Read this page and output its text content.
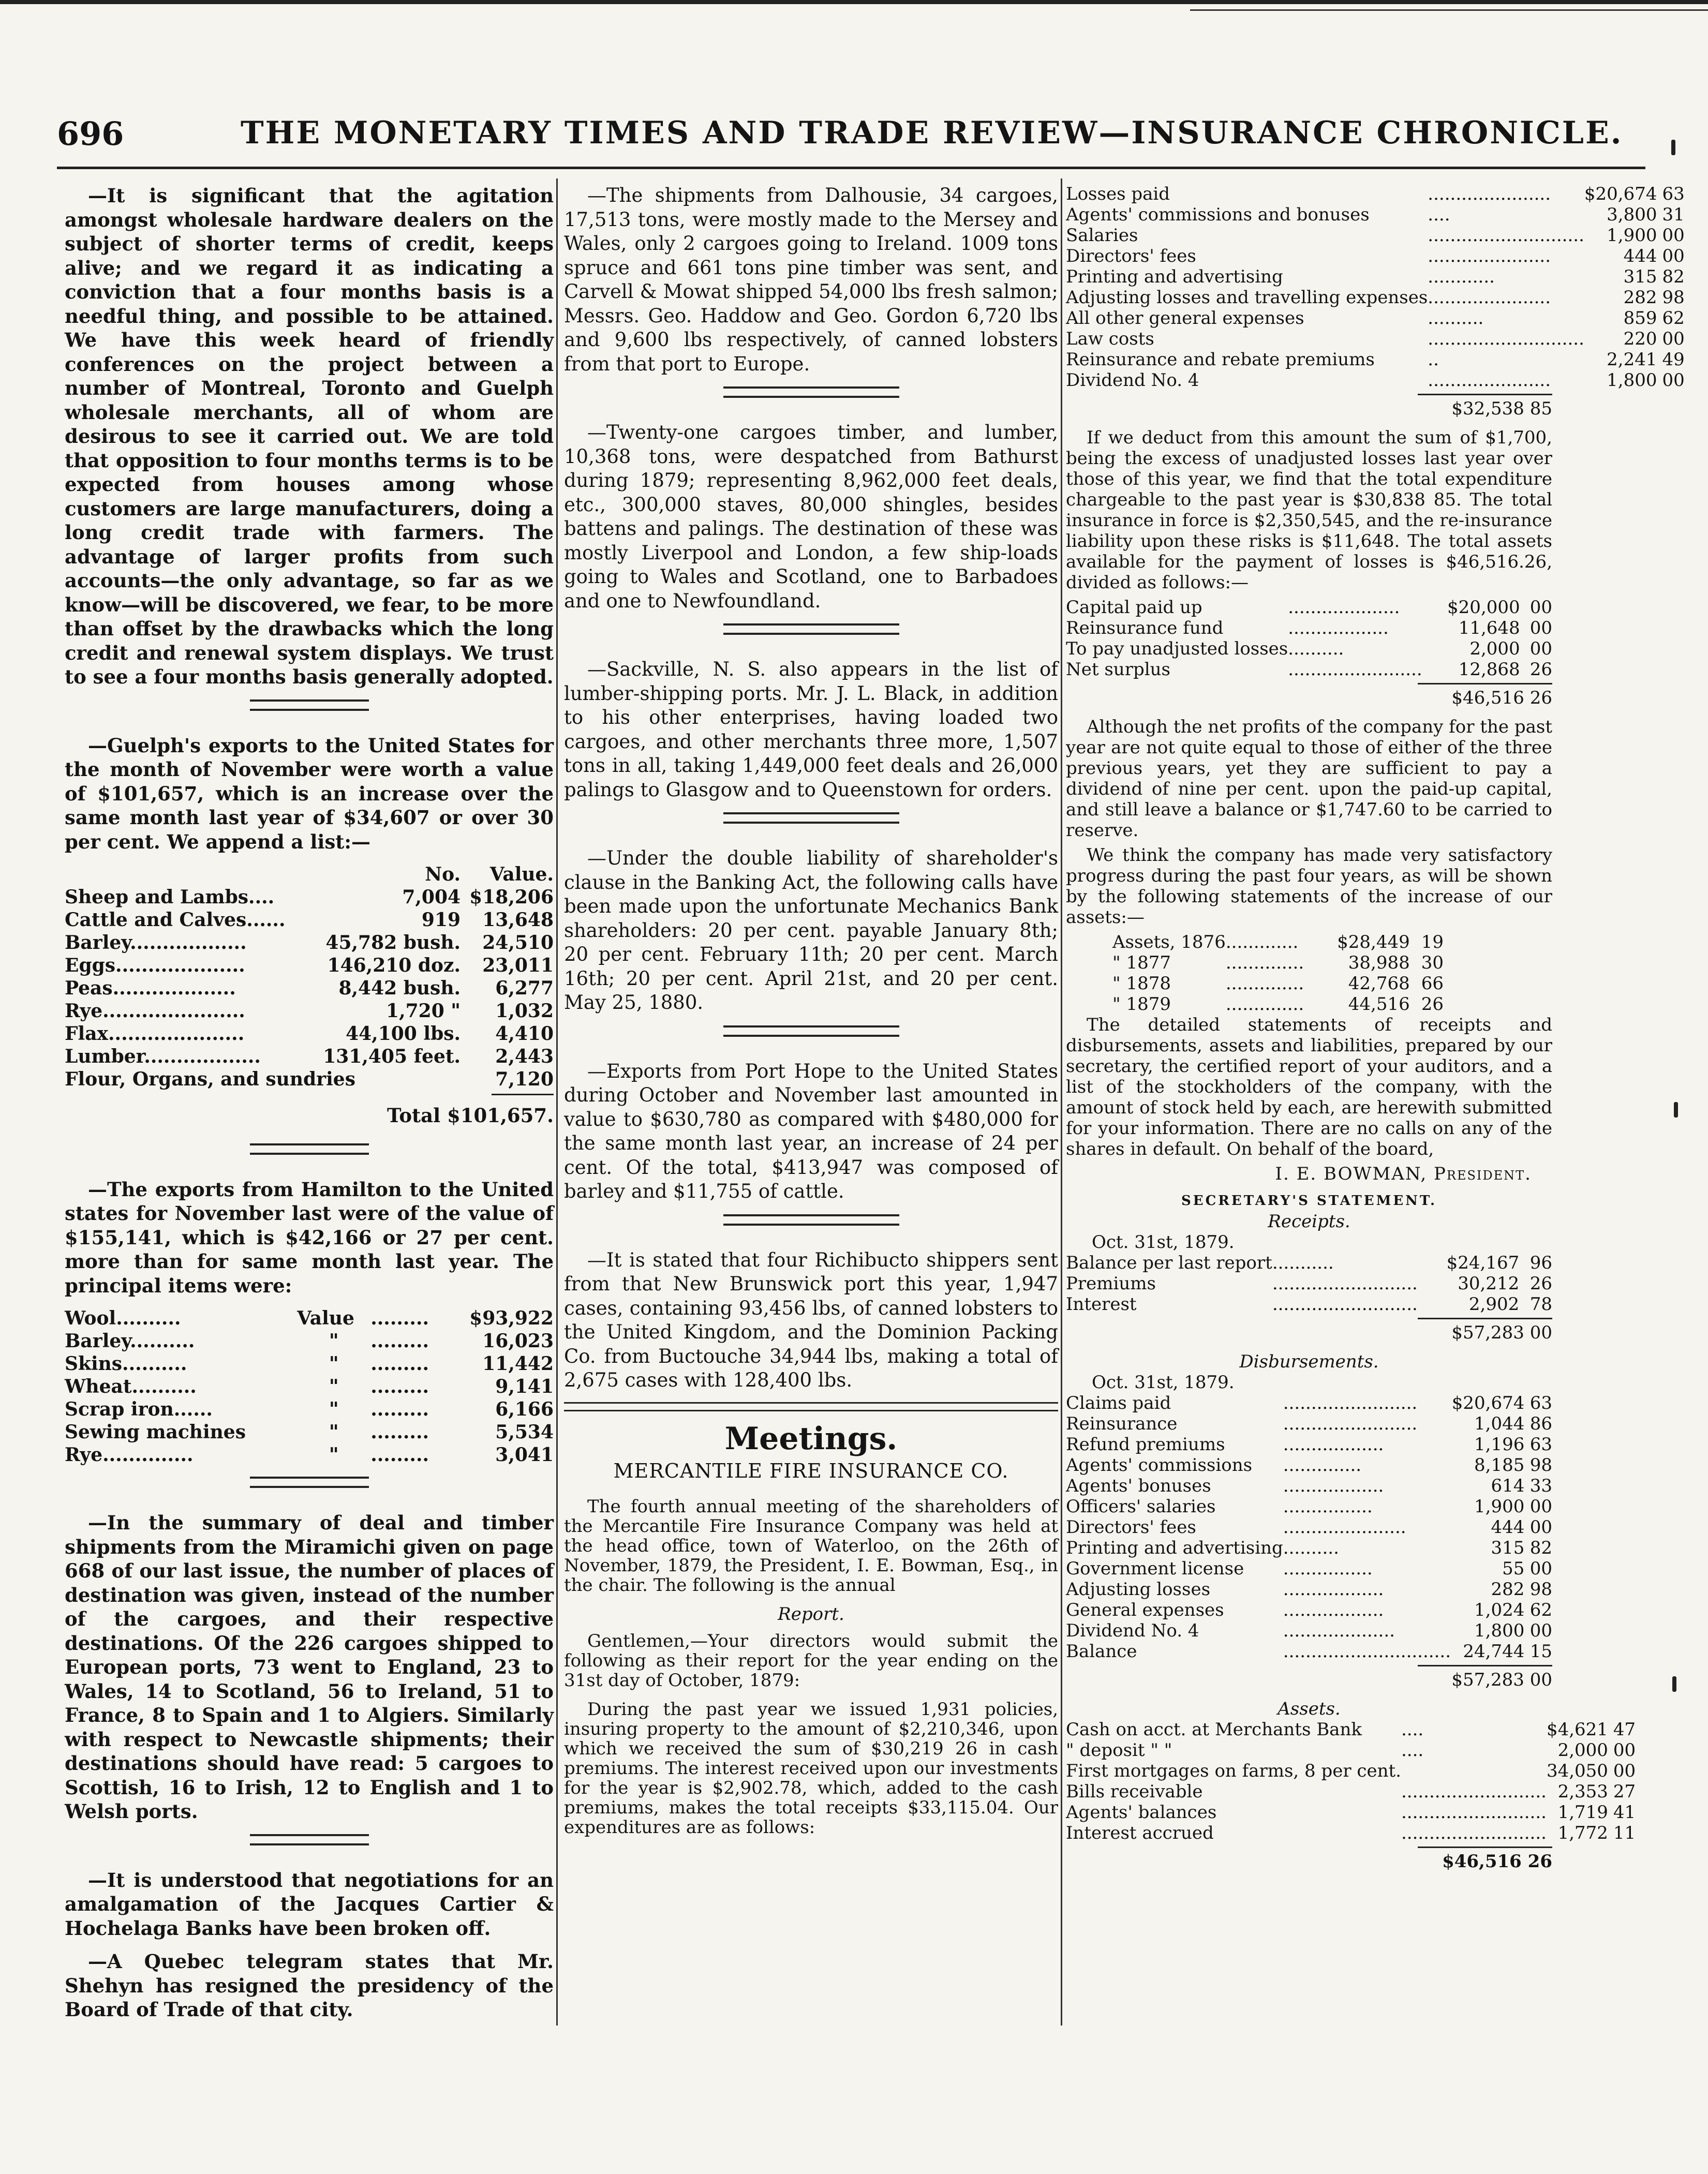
696	THE MONETARY TIMES AND TRADE REVIEW—INSURANCE CHRONICLE.

—It is significant that the agitation amongst wholesale hardware dealers on the subject of shorter terms of credit, keeps alive; and we regard it as indicating a conviction that a four months basis is a needful thing, and possible to be attained. We have this week heard of friendly conferences on the project between a number of Montreal, Toronto and Guelph wholesale merchants, all of whom are desirous to see it carried out. We are told that opposition to four months terms is to be expected from houses among whose customers are large manufacturers, doing a long credit trade with farmers. The advantage of larger profits from such accounts—the only advantage, so far as we know—will be discovered, we fear, to be more than offset by the drawbacks which the long credit and renewal system displays. We trust to see a four months basis generally adopted.

—Guelph's exports to the United States for the month of November were worth a value of $101,657, which is an increase over the same month last year of $34,607 or over 30 per cent. We append a list:—

	No.	Value.
Sheep and Lambs....	7,004	$18,206
Cattle and Calves......	919	13,648
Barley..................	45,782 bush.	24,510
Eggs....................	146,210 doz.	23,011
Peas...................	8,442 bush.	6,277
Rye......................	1,720 "	1,032
Flax.....................	44,100 lbs.	4,410
Lumber..................	131,405 feet.	2,443
Flour, Organs, and sundries		7,120
Total $101,657.

—The exports from Hamilton to the United states for November last were of the value of $155,141, which is $42,166 or 27 per cent. more than for same month last year. The principal items were:

Wool..........	Value	.........	$93,922
Barley..........	"	.........	16,023
Skins..........	"	.........	11,442
Wheat..........	"	.........	9,141
Scrap iron......	"	.........	6,166
Sewing machines	"	.........	5,534
Rye..............	"	.........	3,041

—In the summary of deal and timber shipments from the Miramichi given on page 668 of our last issue, the number of places of destination was given, instead of the number of the cargoes, and their respective destinations. Of the 226 cargoes shipped to European ports, 73 went to England, 23 to Wales, 14 to Scotland, 56 to Ireland, 51 to France, 8 to Spain and 1 to Algiers. Similarly with respect to Newcastle shipments; their destinations should have read: 5 cargoes to Scottish, 16 to Irish, 12 to English and 1 to Welsh ports.

—It is understood that negotiations for an amalgamation of the Jacques Cartier & Hochelaga Banks have been broken off.

—A Quebec telegram states that Mr. Shehyn has resigned the presidency of the Board of Trade of that city.

—The shipments from Dalhousie, 34 cargoes, 17,513 tons, were mostly made to the Mersey and Wales, only 2 cargoes going to Ireland. 1009 tons spruce and 661 tons pine timber was sent, and Carvell & Mowat shipped 54,000 lbs fresh salmon; Messrs. Geo. Haddow and Geo. Gordon 6,720 lbs and 9,600 lbs respectively, of canned lobsters from that port to Europe.

—Twenty-one cargoes timber, and lumber, 10,368 tons, were despatched from Bathurst during 1879; representing 8,962,000 feet deals, etc., 300,000 staves, 80,000 shingles, besides battens and palings. The destination of these was mostly Liverpool and London, a few ship-loads going to Wales and Scotland, one to Barbadoes and one to Newfoundland.

—Sackville, N. S. also appears in the list of lumber-shipping ports. Mr. J. L. Black, in addition to his other enterprises, having loaded two cargoes, and other merchants three more, 1,507 tons in all, taking 1,449,000 feet deals and 26,000 palings to Glasgow and to Queenstown for orders.

—Under the double liability of shareholder's clause in the Banking Act, the following calls have been made upon the unfortunate Mechanics Bank shareholders: 20 per cent. payable January 8th; 20 per cent. February 11th; 20 per cent. March 16th; 20 per cent. April 21st, and 20 per cent. May 25, 1880.

—Exports from Port Hope to the United States during October and November last amounted in value to $630,780 as compared with $480,000 for the same month last year, an increase of 24 per cent. Of the total, $413,947 was composed of barley and $11,755 of cattle.

—It is stated that four Richibucto shippers sent from that New Brunswick port this year, 1,947 cases, containing 93,456 lbs, of canned lobsters to the United Kingdom, and the Dominion Packing Co. from Buctouche 34,944 lbs, making a total of 2,675 cases with 128,400 lbs.

Meetings.
MERCANTILE FIRE INSURANCE CO.

The fourth annual meeting of the shareholders of the Mercantile Fire Insurance Company was held at the head office, town of Waterloo, on the 26th of November, 1879, the President, I. E. Bowman, Esq., in the chair. The following is the annual

Report.

Gentlemen,—Your directors would submit the following as their report for the year ending on the 31st day of October, 1879:

During the past year we issued 1,931 policies, insuring property to the amount of $2,210,346, upon which we received the sum of $30,219 26 in cash premiums. The interest received upon our investments for the year is $2,902.78, which, added to the cash premiums, makes the total receipts $33,115.04. Our expenditures are as follows:

Losses paid	......................	$20,674	63
Agents' commissions and bonuses	....	3,800	31
Salaries	............................	1,900	00
Directors' fees	......................	444	00
Printing and advertising	............	315	82
Adjusting losses and travelling expenses	......................	282	98
All other general expenses	..........	859	62
Law costs	............................	220	00
Reinsurance and rebate premiums	..	2,241	49
Dividend No. 4	......................	1,800	00
$32,538 85

If we deduct from this amount the sum of $1,700, being the excess of unadjusted losses last year over those of this year, we find that the total expenditure chargeable to the past year is $30,838 85. The total insurance in force is $2,350,545, and the re-insurance liability upon these risks is $11,648. The total assets available for the payment of losses is $46,516.26, divided as follows:—

Capital paid up	....................	$20,000	00
Reinsurance fund	..................	11,648	00
To pay unadjusted losses	..........	2,000	00
Net surplus	........................	12,868	26
$46,516 26

Although the net profits of the company for the past year are not quite equal to those of either of the three previous years, yet they are sufficient to pay a dividend of nine per cent. upon the paid-up capital, and still leave a balance or $1,747.60 to be carried to reserve.

We think the company has made very satisfactory progress during the past four years, as will be shown by the following statements of the increase of our assets:—

Assets, 1876	.............	$28,449	19
" 1877	..............	38,988	30
" 1878	..............	42,768	66
" 1879	..............	44,516	26

The detailed statements of receipts and disbursements, assets and liabilities, prepared by our secretary, the certified report of your auditors, and a list of the stockholders of the company, with the amount of stock held by each, are herewith submitted for your information. There are no calls on any of the shares in default. On behalf of the board,

I. E. BOWMAN, President.
SECRETARY'S STATEMENT.
Receipts.
Oct. 31st, 1879.
Balance per last report	...........	$24,167	96
Premiums	..........................	30,212	26
Interest	..........................	2,902	78
$57,283 00
Disbursements.
Oct. 31st, 1879.
Claims paid	........................	$20,674	63
Reinsurance	........................	1,044	86
Refund premiums	..................	1,196	63
Agents' commissions	..............	8,185	98
Agents' bonuses	..................	614	33
Officers' salaries	................	1,900	00
Directors' fees	......................	444	00
Printing and advertising	..........	315	82
Government license	................	55	00
Adjusting losses	..................	282	98
General expenses	..................	1,024	62
Dividend No. 4	....................	1,800	00
Balance	..............................	24,744	15
$57,283 00
Assets.
Cash on acct. at Merchants Bank	....	$4,621	47
" deposit " "	....	2,000	00
First mortgages on farms, 8 per cent.		34,050	00
Bills receivable	..........................	2,353	27
Agents' balances	..........................	1,719	41
Interest accrued	..........................	1,772	11
$46,516 26
